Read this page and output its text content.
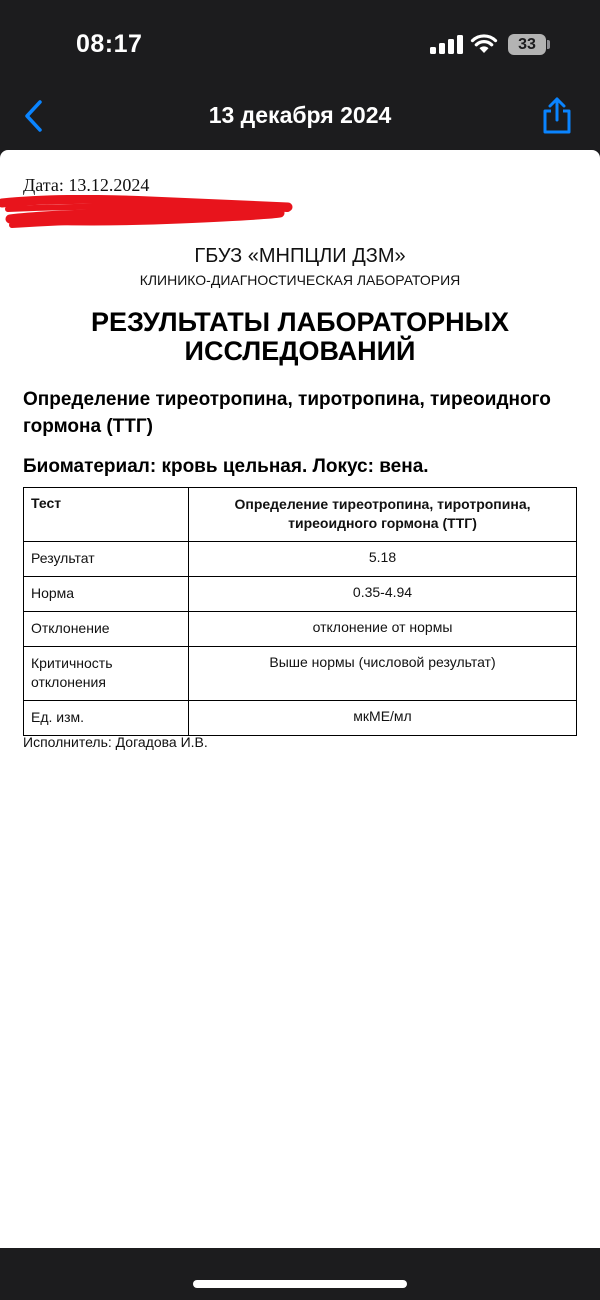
08:17	33
13 декабря 2024
Дата: 13.12.2024
ГБУЗ «МНПЦЛИ ДЗМ»
КЛИНИКО-ДИАГНОСТИЧЕСКАЯ ЛАБОРАТОРИЯ
РЕЗУЛЬТАТЫ ЛАБОРАТОРНЫХ ИССЛЕДОВАНИЙ
Определение тиреотропина, тиротропина, тиреоидного гормона (ТТГ)
Биоматериал: кровь цельная. Локус: вена.
Тест	Определение тиреотропина, тиротропина, тиреоидного гормона (ТТГ)
Результат	5.18
Норма	0.35-4.94
Отклонение	отклонение от нормы
Критичность отклонения	Выше нормы (числовой результат)
Ед. изм.	мкМЕ/мл
Исполнитель: Догадова И.В.
